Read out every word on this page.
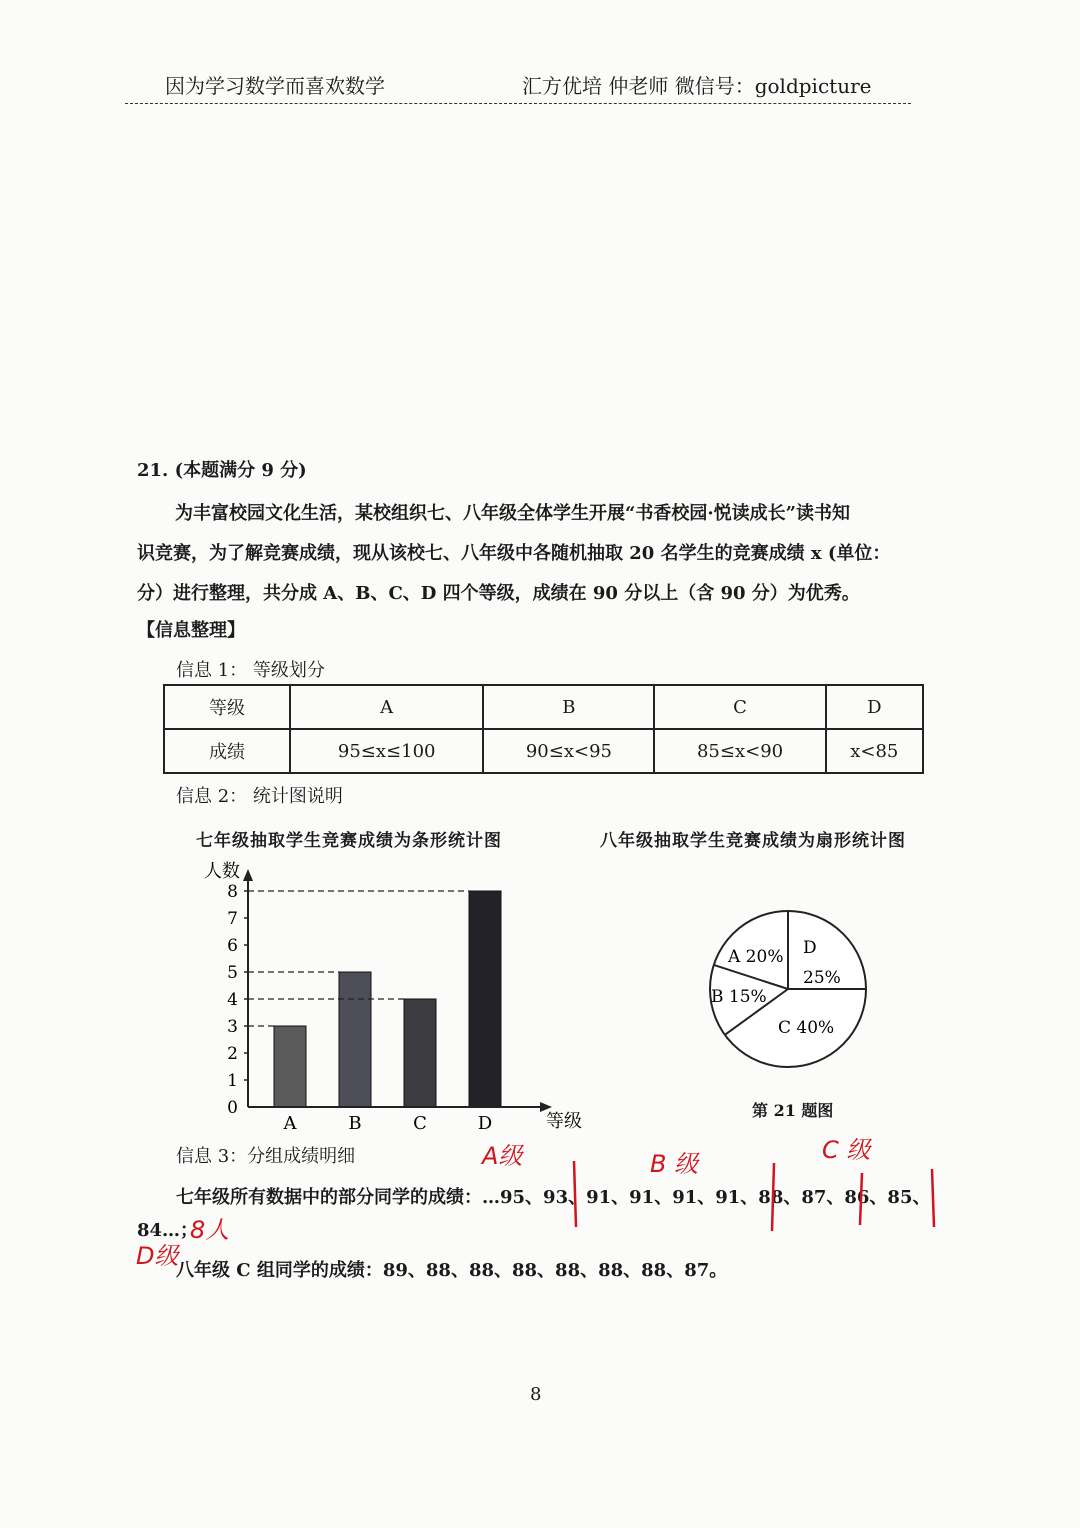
因为学习数学而喜欢数学	汇方优培 仲老师 微信号：goldpicture
21. (本题满分 9 分)

为丰富校园文化生活，某校组织七、八年级全体学生开展“书香校园·悦读成长”读书知

识竞赛，为了解竞赛成绩，现从该校七、八年级中各随机抽取 20 名学生的竞赛成绩 x (单位：

分）进行整理，共分成 A、B、C、D 四个等级，成绩在 90 分以上（含 90 分）为优秀。

【信息整理】
信息 1： 等级划分
等级	A	B	C	D
成绩	95≤x≤100	90≤x<95	85≤x<90	x<85
信息 2： 统计图说明
七年级抽取学生竞赛成绩为条形统计图	八年级抽取学生竞赛成绩为扇形统计图
0
1
2
3
4
5
6
7
8
A	B	C	D
人数
等级
A 20%
B 15%
C 40%
D
25%
第 21 题图
信息 3：分组成绩明细
七年级所有数据中的部分同学的成绩：…95、93、91、91、91、91、88、87、86、85、
84…；
八年级 C 组同学的成绩：89、88、88、88、88、88、88、87。
A级	B 级	C 级
8人
D级
8
